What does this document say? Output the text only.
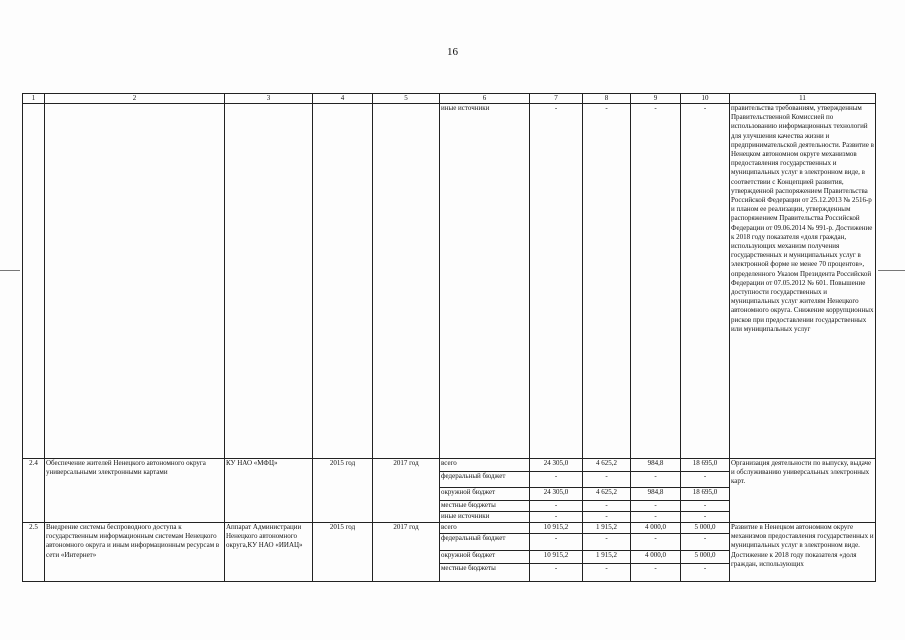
16
1	2	3	4	5	6	7	8	9	10	11
					иные источники	-	-	-	-	правительства требованиям, утвержденным Правительственной Комиссией по использованию информационных технологий для улучшения качества жизни и предпринимательской деятельности. Развитие в Ненецком автономном округе механизмов предоставления государственных и муниципальных услуг в электронном виде, в соответствии с Концепцией развития, утвержденной распоряжением Правительства Российской Федерации от 25.12.2013 № 2516-р и планом ее реализации, утвержденным распоряжением Правительства Российской Федерации от 09.06.2014 № 991-р. Достижение к 2018 году показателя «доля граждан, использующих механизм получения государственных и муниципальных услуг в электронной форме не менее 70 процентов», определенного Указом Президента Российской Федерации от 07.05.2012 № 601. Повышение доступности государственных и муниципальных услуг жителям Ненецкого автономного округа. Снижение коррупционных рисков при предоставлении государственных или муниципальных услуг
2.4	Обеспечение жителей Ненецкого автономного округа универсальными электронными картами	КУ НАО «МФЦ»	2015 год	2017 год	всего	24 305,0	4 625,2	984,8	18 695,0	Организация деятельности по выпуску, выдаче и обслуживанию универсальных электронных карт.
					федеральный бюджет	-	-	-	-	
					окружной бюджет	24 305,0	4 625,2	984,8	18 695,0	
					местные бюджеты	-	-	-	-	
					иные источники	-	-	-	-	
2.5	Внедрение системы беспроводного доступа к государственным информационным системам Ненецкого автономного округа и иным информационным ресурсам в сети «Интернет»	Аппарат Администрации Ненецкого автономного округа,КУ НАО «ИИАЦ»	2015 год	2017 год	всего	10 915,2	1 915,2	4 000,0	5 000,0	Развитие в Ненецком автономном округе механизмов предоставления государственных и муниципальных услуг в электронном виде. Достижение к 2018 году показателя «доля граждан, использующих
					федеральный бюджет	-	-	-	-	
					окружной бюджет	10 915,2	1 915,2	4 000,0	5 000,0	
					местные бюджеты	-	-	-	-	
